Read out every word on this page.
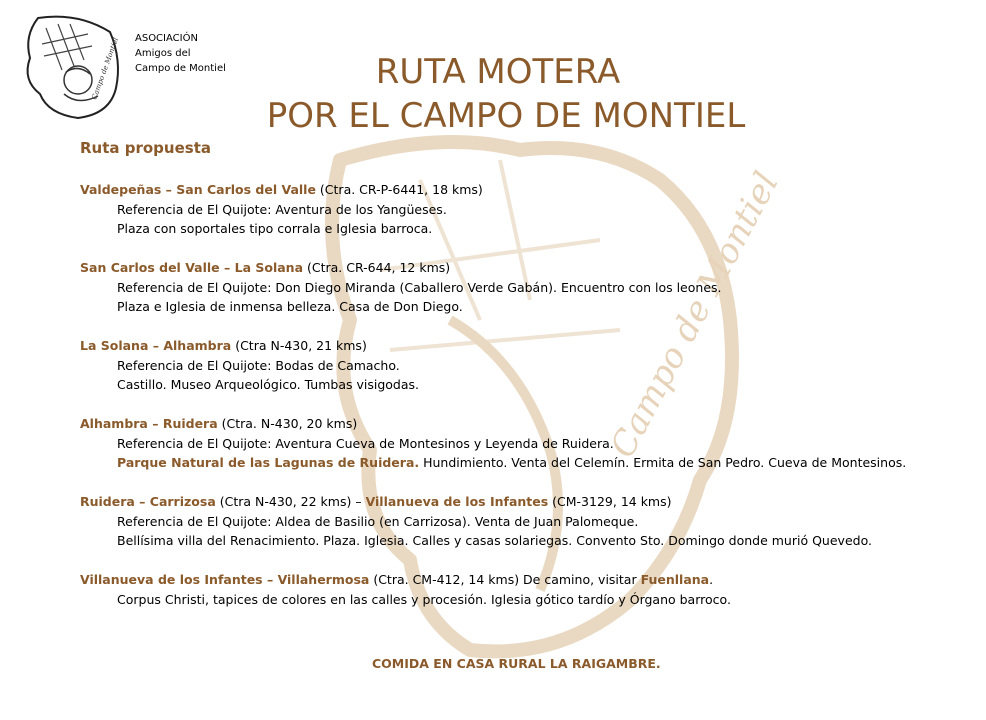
Campo de Montiel
Campo de Montiel ASOCIACIÓN
Amigos del
Campo de Montiel	RUTA MOTERA
POR EL CAMPO DE MONTIEL
Ruta propuesta
Valdepeñas – San Carlos del Valle (Ctra. CR-P-6441, 18 kms)
Referencia de El Quijote: Aventura de los Yangüeses.
Plaza con soportales tipo corrala e Iglesia barroca.
San Carlos del Valle – La Solana (Ctra. CR-644, 12 kms)
Referencia de El Quijote: Don Diego Miranda (Caballero Verde Gabán). Encuentro con los leones.
Plaza e Iglesia de inmensa belleza. Casa de Don Diego.
La Solana – Alhambra (Ctra N-430, 21 kms)
Referencia de El Quijote: Bodas de Camacho.
Castillo. Museo Arqueológico. Tumbas visigodas.
Alhambra – Ruidera (Ctra. N-430, 20 kms)
Referencia de El Quijote: Aventura Cueva de Montesinos y Leyenda de Ruidera.
Parque Natural de las Lagunas de Ruidera. Hundimiento. Venta del Celemín. Ermita de San Pedro. Cueva de Montesinos.
Ruidera – Carrizosa (Ctra N-430, 22 kms) – Villanueva de los Infantes (CM-3129, 14 kms)
Referencia de El Quijote: Aldea de Basilio (en Carrizosa). Venta de Juan Palomeque.
Bellísima villa del Renacimiento. Plaza. Iglesia. Calles y casas solariegas. Convento Sto. Domingo donde murió Quevedo.
Villanueva de los Infantes – Villahermosa (Ctra. CM-412, 14 kms) De camino, visitar Fuenllana.
Corpus Christi, tapices de colores en las calles y procesión. Iglesia gótico tardío y Órgano barroco.
COMIDA EN CASA RURAL LA RAIGAMBRE.
